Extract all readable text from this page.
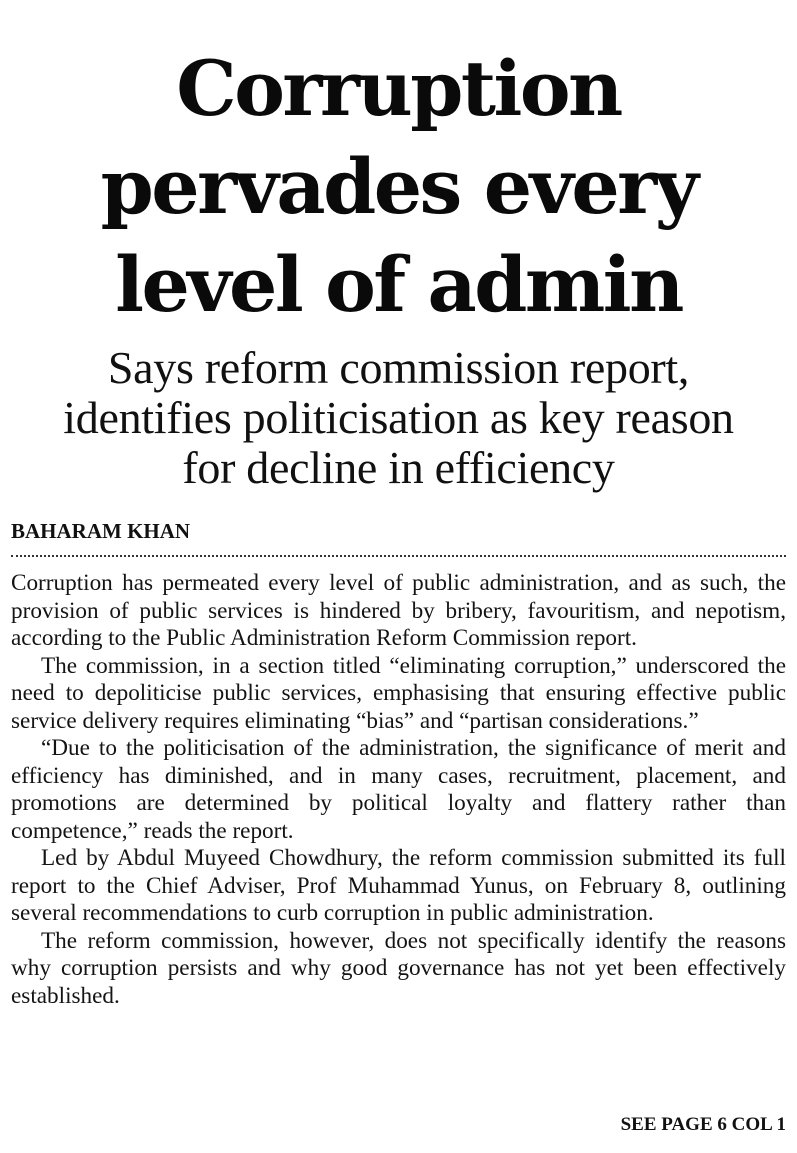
Corruption
pervades every
level of admin
Says reform commission report,
identifies politicisation as key reason
for decline in efficiency
BAHARAM KHAN

Corruption has permeated every level of public administration, and as such, the provision of public services is hindered by bribery, favouritism, and nepotism, according to the Public Administration Reform Commission report.

The commission, in a section titled “eliminating corruption,” underscored the need to depoliticise public services, emphasising that ensuring effective public service delivery requires eliminating “bias” and “partisan considerations.”

“Due to the politicisation of the administration, the significance of merit and efficiency has diminished, and in many cases, recruitment, placement, and promotions are determined by political loyalty and flattery rather than competence,” reads the report.

Led by Abdul Muyeed Chowdhury, the reform commission submitted its full report to the Chief Adviser, Prof Muhammad Yunus, on February 8, outlining several recommendations to curb corruption in public administration.

The reform commission, however, does not specifically identify the reasons why corruption persists and why good governance has not yet been effectively established.

SEE PAGE 6 COL 1
